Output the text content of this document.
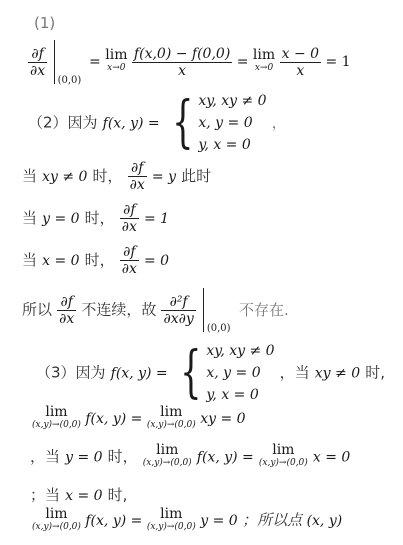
(1)
$\frac{\partial f}{\partial x}$

(0,0)
= lim
x→0
$\frac{f(x,0) - f(0,0)}{x} = \lim$
x→0
$\frac{x - 0}{x} = 1$
（2）因为 f(x, y) = { xy, xy ≠ 0
x, y = 0
y, x = 0
，
当 xy ≠ 0 时， $\frac{\partial f}{\partial x} = y$ 此时
当 y = 0 时， $\frac{\partial f}{\partial x} = 1$
当 x = 0 时， $\frac{\partial f}{\partial x} = 0$
所以 $\frac{\partial f}{\partial x}$ 不连续，故 $\frac{\text{∂²f}}{\partial x\partial y}$

(0,0)
不存在.
（3）因为 f(x, y) = { xy, xy ≠ 0
x, y = 0
y, x = 0
，当 xy ≠ 0 时,
lim
(x,y)→(0,0) f(x, y) =	lim
(x,y)→(0,0) xy = 0
，当 y = 0 时，	lim
(x,y)→(0,0) f(x, y) =	lim
(x,y)→(0,0) x = 0
；当 x = 0 时,
lim
(x,y)→(0,0) f(x, y) =	lim
(x,y)→(0,0) y = 0 ；所以点 (x, y)
